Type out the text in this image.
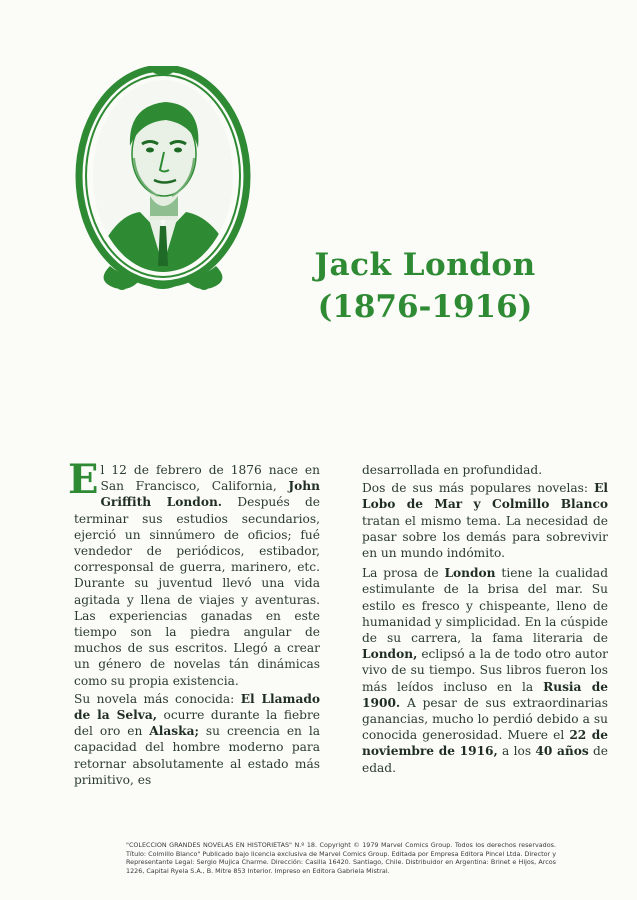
Jack London
(1876-1916)

El 12 de febrero de 1876 nace en San Francisco, California, John Griffith London. Después de terminar sus estudios secundarios, ejerció un sinnúmero de oficios; fué vendedor de periódicos, estibador, corresponsal de guerra, marinero, etc. Durante su juventud llevó una vida agitada y llena de viajes y aventuras. Las experiencias ganadas en este tiempo son la piedra angular de muchos de sus escritos. Llegó a crear un género de novelas tán dinámicas como su propia existencia.

Su novela más conocida: El Llamado de la Selva, ocurre durante la fiebre del oro en Alaska; su creencia en la capacidad del hombre moderno para retornar absolutamente al estado más primitivo, es

desarrollada en profundidad.

Dos de sus más populares novelas: El Lobo de Mar y Colmillo Blanco tratan el mismo tema. La necesidad de pasar sobre los demás para sobrevivir en un mundo indómito.

La prosa de London tiene la cualidad estimulante de la brisa del mar. Su estilo es fresco y chispeante, lleno de humanidad y simplicidad. En la cúspide de su carrera, la fama literaria de London, eclipsó a la de todo otro autor vivo de su tiempo. Sus libros fueron los más leídos incluso en la Rusia de 1900. A pesar de sus extraordinarias ganancias, mucho lo perdió debido a su conocida generosidad. Muere el 22 de noviembre de 1916, a los 40 años de edad.

"COLECCION GRANDES NOVELAS EN HISTORIETAS" N.º 18. Copyright © 1979 Marvel Comics Group. Todos los derechos reservados. Título: Colmillo Blanco" Publicado bajo licencia exclusiva de Marvel Comics Group. Editada por Empresa Editora Pincel Ltda. Director y Representante Legal: Sergio Mujica Charme. Dirección: Casilla 16420. Santiago, Chile. Distribuidor en Argentina: Brinet e Hijos, Arcos 1226, Capital Ryela S.A., B. Mitre 853 Interior. Impreso en Editora Gabriela Mistral.
